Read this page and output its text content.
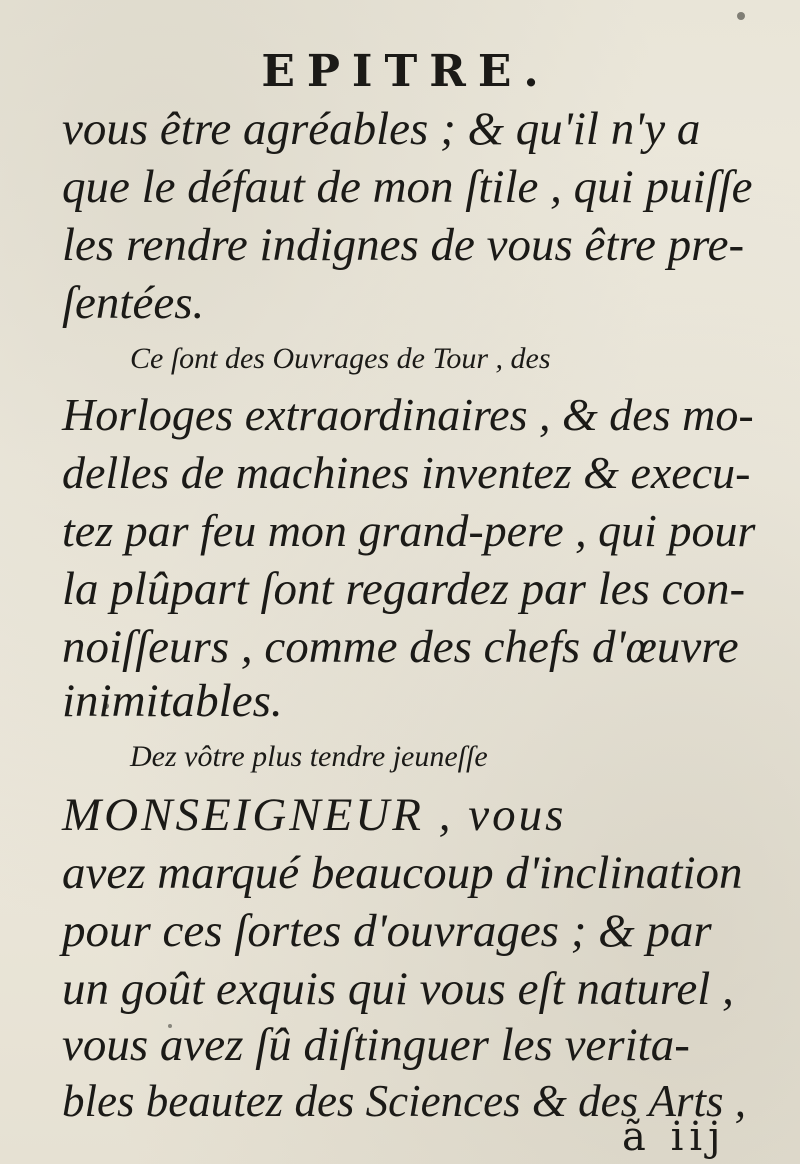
EPITRE.
vous être agréables ; & qu'il n'y a
que le défaut de mon ſtile , qui puiſſe
les rendre indignes de vous être pre-
ſentées.
Ce ſont des Ouvrages de Tour , des
Horloges extraordinaires , & des mo-
delles de machines inventez & execu-
tez par feu mon grand-pere , qui pour
la plûpart ſont regardez par les con-
noiſſeurs , comme des chefs d'œuvre
inimitables.
Dez vôtre plus tendre jeuneſſe
MONSEIGNEUR , vous
avez marqué beaucoup d'inclination
pour ces ſortes d'ouvrages ; & par
un goût exquis qui vous eſt naturel ,
vous avez ſû diſtinguer les verita-
bles beautez des Sciences & des Arts ,
ã iij
